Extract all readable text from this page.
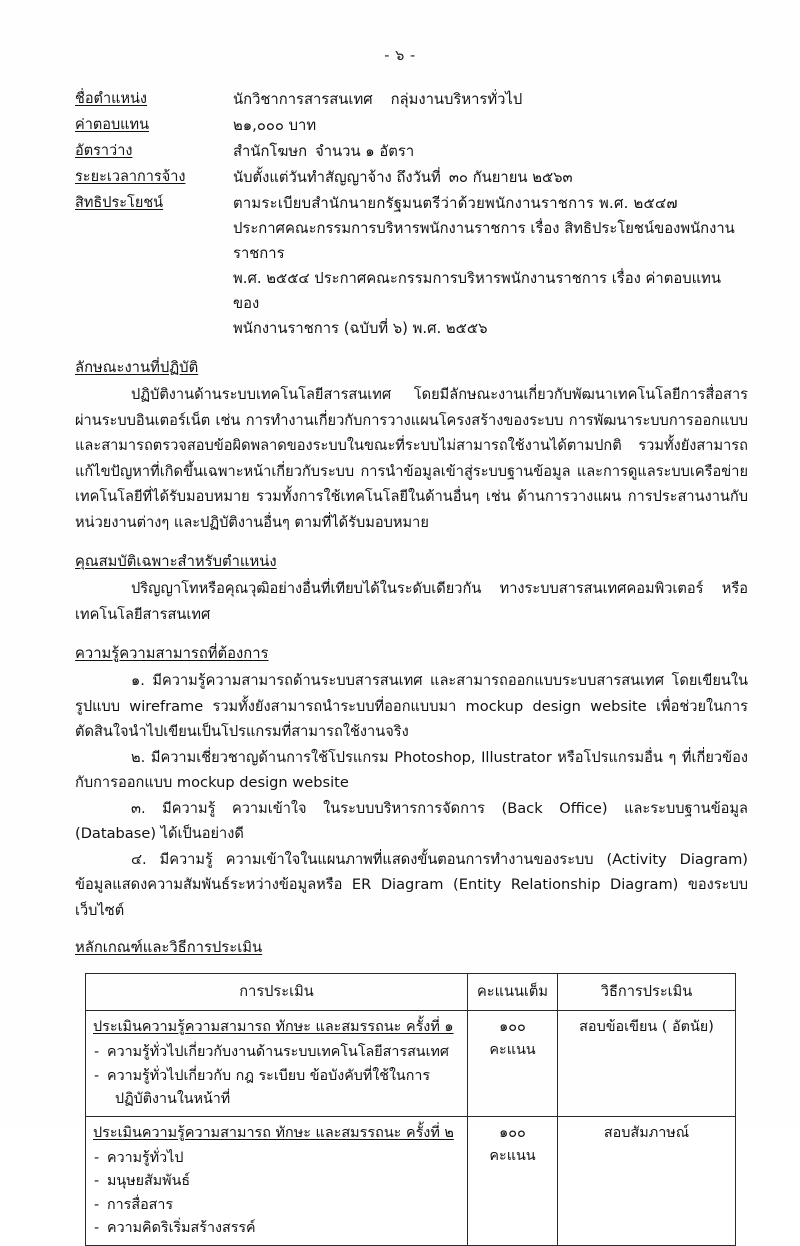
- ๖ -
ชื่อตำแหน่ง	นักวิชาการสารสนเทศ กลุ่มงานบริหารทั่วไป
ค่าตอบแทน	๒๑,๐๐๐ บาท
อัตราว่าง	สำนักโฆษก จำนวน ๑ อัตรา
ระยะเวลาการจ้าง	นับตั้งแต่วันทำสัญญาจ้าง ถึงวันที่ ๓๐ กันยายน ๒๕๖๓
สิทธิประโยชน์	ตามระเบียบสำนักนายกรัฐมนตรีว่าด้วยพนักงานราชการ พ.ศ. ๒๕๔๗
ประกาศคณะกรรมการบริหารพนักงานราชการ เรื่อง สิทธิประโยชน์ของพนักงานราชการ
พ.ศ. ๒๕๕๔ ประกาศคณะกรรมการบริหารพนักงานราชการ เรื่อง ค่าตอบแทนของ
พนักงานราชการ (ฉบับที่ ๖) พ.ศ. ๒๕๕๖
ลักษณะงานที่ปฏิบัติ

ปฏิบัติงานด้านระบบเทคโนโลยีสารสนเทศ โดยมีลักษณะงานเกี่ยวกับพัฒนาเทคโนโลยีการสื่อสารผ่านระบบอินเตอร์เน็ต เช่น การทำงานเกี่ยวกับการวางแผนโครงสร้างของระบบ การพัฒนาระบบการออกแบบ และสามารถตรวจสอบข้อผิดพลาดของระบบในขณะที่ระบบไม่สามารถใช้งานได้ตามปกติ รวมทั้งยังสามารถแก้ไขปัญหาที่เกิดขึ้นเฉพาะหน้าเกี่ยวกับระบบ การนำข้อมูลเข้าสู่ระบบฐานข้อมูล และการดูแลระบบเครือข่ายเทคโนโลยีที่ได้รับมอบหมาย รวมทั้งการใช้เทคโนโลยีในด้านอื่นๆ เช่น ด้านการวางแผน การประสานงานกับหน่วยงานต่างๆ และปฏิบัติงานอื่นๆ ตามที่ได้รับมอบหมาย

คุณสมบัติเฉพาะสำหรับตำแหน่ง

ปริญญาโทหรือคุณวุฒิอย่างอื่นที่เทียบได้ในระดับเดียวกัน ทางระบบสารสนเทศคอมพิวเตอร์ หรือเทคโนโลยีสารสนเทศ

ความรู้ความสามารถที่ต้องการ

๑. มีความรู้ความสามารถด้านระบบสารสนเทศ และสามารถออกแบบระบบสารสนเทศ โดยเขียนในรูปแบบ wireframe รวมทั้งยังสามารถนำระบบที่ออกแบบมา mockup design website เพื่อช่วยในการตัดสินใจนำไปเขียนเป็นโปรแกรมที่สามารถใช้งานจริง

๒. มีความเชี่ยวชาญด้านการใช้โปรแกรม Photoshop, Illustrator หรือโปรแกรมอื่น ๆ ที่เกี่ยวข้องกับการออกแบบ mockup design website

๓. มีความรู้ ความเข้าใจ ในระบบบริหารการจัดการ (Back Office) และระบบฐานข้อมูล (Database) ได้เป็นอย่างดี

๔. มีความรู้ ความเข้าใจในแผนภาพที่แสดงขั้นตอนการทำงานของระบบ (Activity Diagram) ข้อมูลแสดงความสัมพันธ์ระหว่างข้อมูลหรือ ER Diagram (Entity Relationship Diagram) ของระบบเว็บไซต์

หลักเกณฑ์และวิธีการประเมิน
การประเมิน	คะแนนเต็ม	วิธีการประเมิน

ประเมินความรู้ความสามารถ ทักษะ และสมรรถนะ ครั้งที่ ๑
- ความรู้ทั่วไปเกี่ยวกับงานด้านระบบเทคโนโลยีสารสนเทศ
- ความรู้ทั่วไปเกี่ยวกับ กฎ ระเบียบ ข้อบังคับที่ใช้ในการ
ปฏิบัติงานในหน้าที่
	๑๐๐ คะแนน	สอบข้อเขียน ( อัตนัย)

ประเมินความรู้ความสามารถ ทักษะ และสมรรถนะ ครั้งที่ ๒
- ความรู้ทั่วไป
- มนุษยสัมพันธ์
- การสื่อสาร
- ความคิดริเริ่มสร้างสรรค์
	๑๐๐ คะแนน	สอบสัมภาษณ์
